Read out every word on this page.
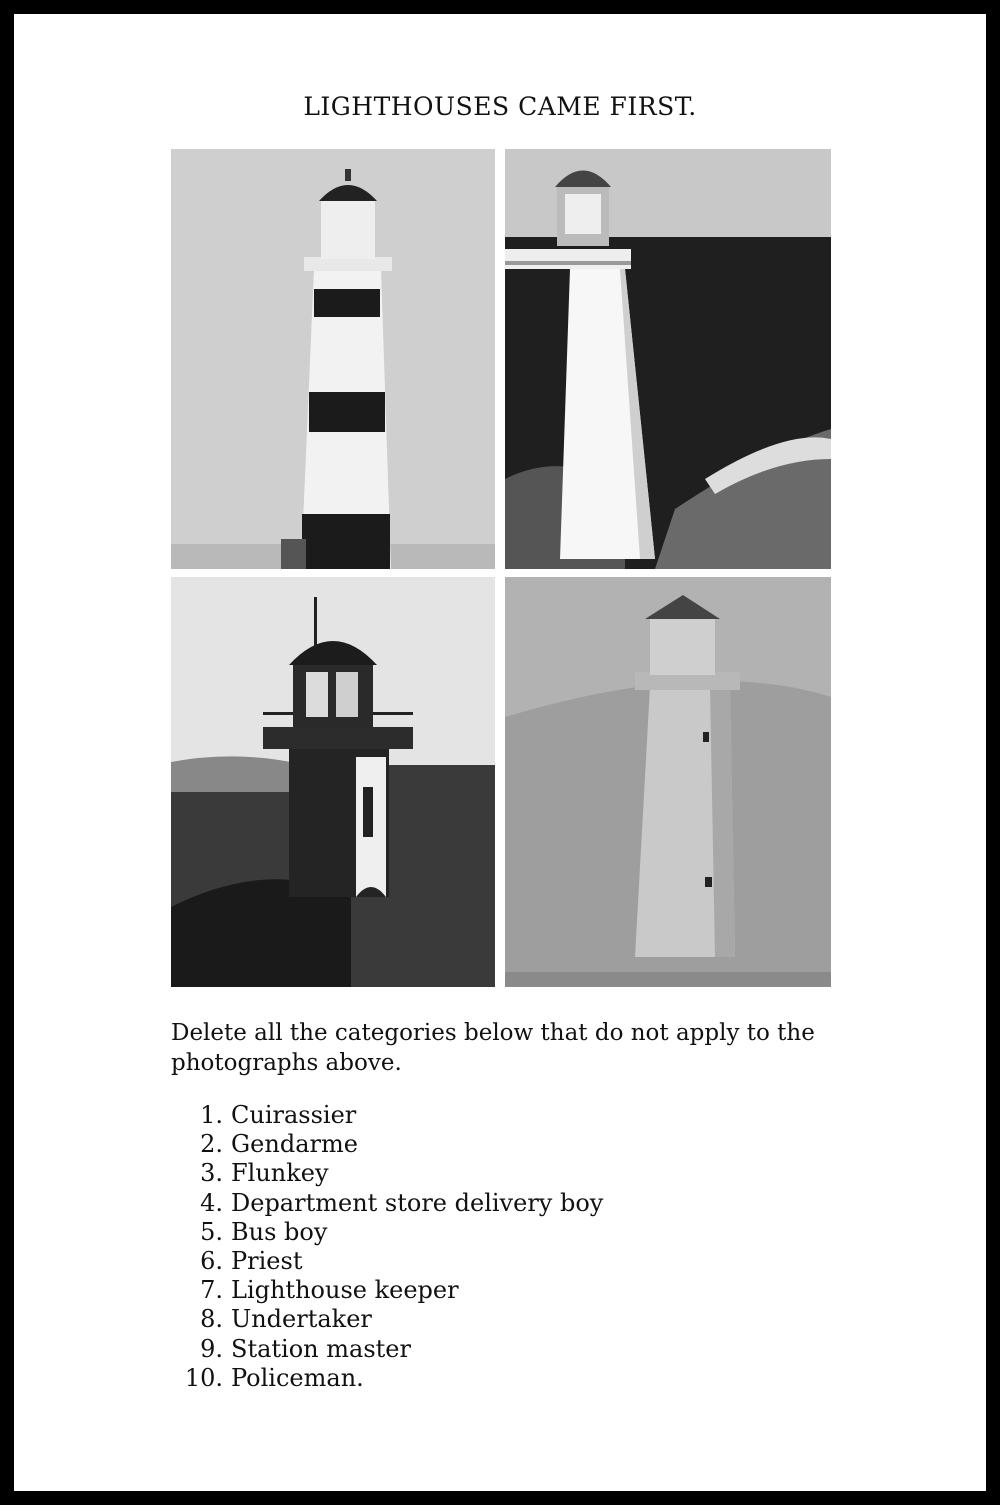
LIGHTHOUSES CAME FIRST.
Delete all the categories below that do not apply to the photographs above.
1. Cuirassier
2. Gendarme
3. Flunkey
4. Department store delivery boy
5. Bus boy
6. Priest
7. Lighthouse keeper
8. Undertaker
9. Station master
10. Policeman.
